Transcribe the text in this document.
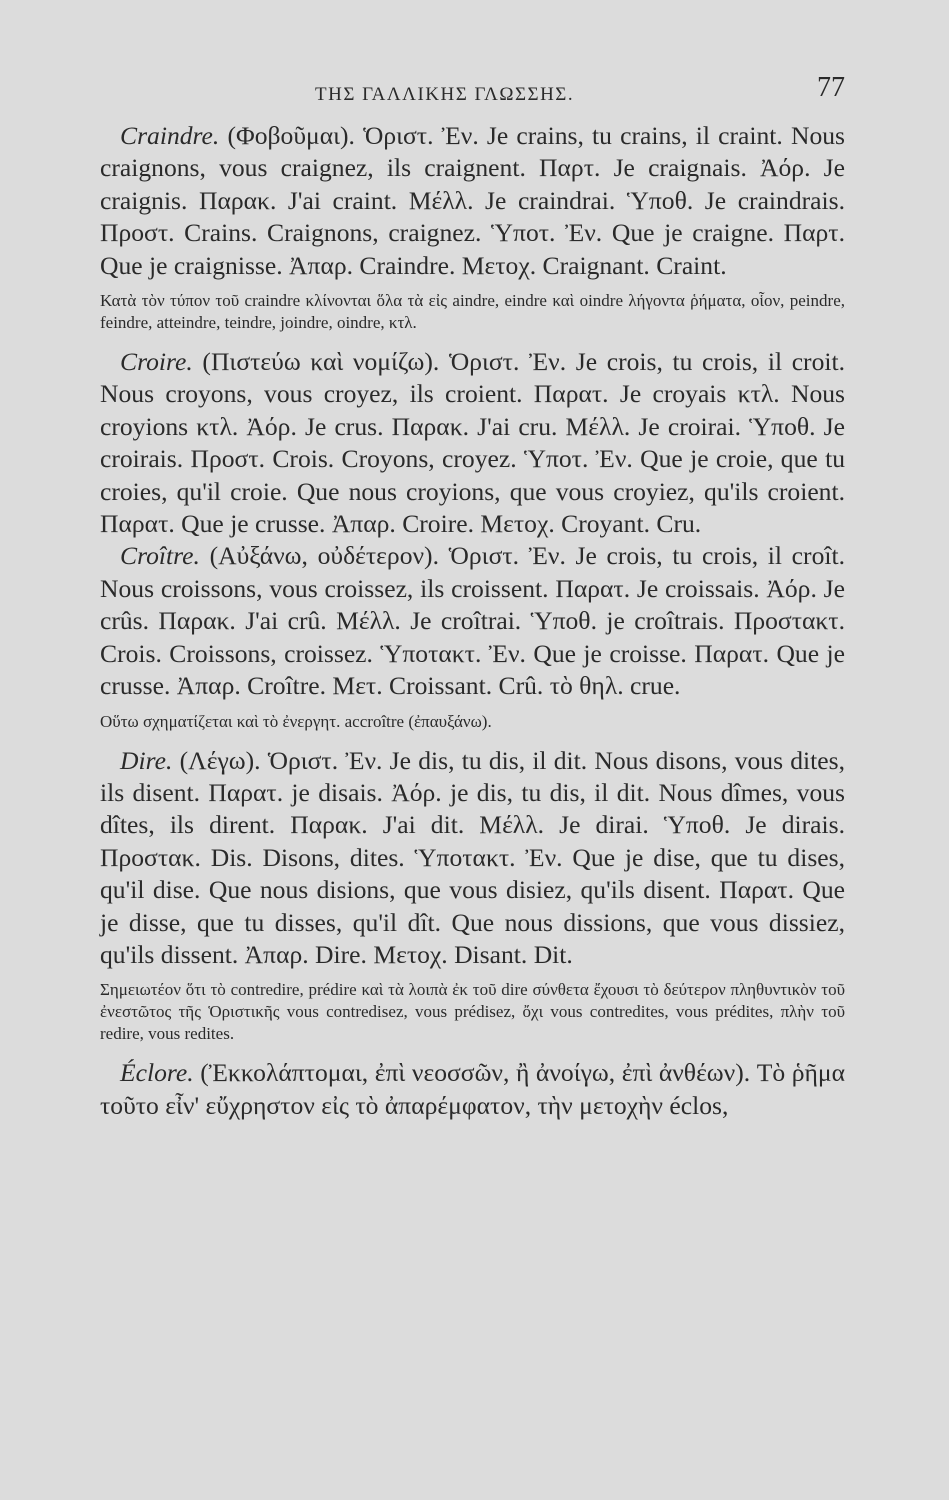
ΤΗΣ ΓΑΛΛΙΚΗΣ ΓΛΩΣΣΗΣ.	77

Craindre. (Φοβοῦμαι). Ὁριστ. Ἐν. Je crains, tu crains, il craint. Nous craignons, vous craignez, ils craignent. Παρτ. Je craignais. Ἀόρ. Je craignis. Παρακ. J'ai craint. Μέλλ. Je craindrai. Ὑποθ. Je craindrais. Προστ. Crains. Craignons, craignez. Ὑποτ. Ἐν. Que je craigne. Παρτ. Que je craignisse. Ἀπαρ. Craindre. Μετοχ. Craignant. Craint.

Κατὰ τὸν τύπον τοῦ craindre κλίνονται ὅλα τὰ εἰς aindre, eindre καὶ oindre λήγοντα ῥήματα, οἷον, peindre, feindre, atteindre, teindre, joindre, oindre, κτλ.

Croire. (Πιστεύω καὶ νομίζω). Ὁριστ. Ἐν. Je crois, tu crois, il croit. Nous croyons, vous croyez, ils croient. Παρατ. Je croyais κτλ. Nous croyions κτλ. Ἀόρ. Je crus. Παρακ. J'ai cru. Μέλλ. Je croirai. Ὑποθ. Je croirais. Προστ. Crois. Croyons, croyez. Ὑποτ. Ἐν. Que je croie, que tu croies, qu'il croie. Que nous croyions, que vous croyiez, qu'ils croient. Παρατ. Que je crusse. Ἀπαρ. Croire. Μετοχ. Croyant. Cru.

Croître. (Αὐξάνω, οὐδέτερον). Ὁριστ. Ἐν. Je crois, tu crois, il croît. Nous croissons, vous croissez, ils croissent. Παρατ. Je croissais. Ἀόρ. Je crûs. Παρακ. J'ai crû. Μέλλ. Je croîtrai. Ὑποθ. je croîtrais. Προστακτ. Crois. Croissons, croissez. Ὑποτακτ. Ἐν. Que je croisse. Παρατ. Que je crusse. Ἀπαρ. Croître. Μετ. Croissant. Crû. τὸ θηλ. crue.

Οὕτω σχηματίζεται καὶ τὸ ἐνεργητ. accroître (ἐπαυξάνω).

Dire. (Λέγω). Ὁριστ. Ἐν. Je dis, tu dis, il dit. Nous disons, vous dites, ils disent. Παρατ. je disais. Ἀόρ. je dis, tu dis, il dit. Nous dîmes, vous dîtes, ils dirent. Παρακ. J'ai dit. Μέλλ. Je dirai. Ὑποθ. Je dirais. Προστακ. Dis. Disons, dites. Ὑποτακτ. Ἐν. Que je dise, que tu dises, qu'il dise. Que nous disions, que vous disiez, qu'ils disent. Παρατ. Que je disse, que tu disses, qu'il dît. Que nous dissions, que vous dissiez, qu'ils dissent. Ἀπαρ. Dire. Μετοχ. Disant. Dit.

Σημειωτέον ὅτι τὸ contredire, prédire καὶ τὰ λοιπὰ ἐκ τοῦ dire σύνθετα ἔχουσι τὸ δεύτερον πληθυντικὸν τοῦ ἐνεστῶτος τῆς Ὁριστικῆς vous contredisez, vous prédisez, ὄχι vous contredites, vous prédites, πλὴν τοῦ redire, vous redites.

Éclore. (Ἐκκολάπτομαι, ἐπὶ νεοσσῶν, ἢ ἀνοίγω, ἐπὶ ἀνθέων). Τὸ ῥῆμα τοῦτο εἶν' εὔχρηστον εἰς τὸ ἀπαρέμφατον, τὴν μετοχὴν éclos,
